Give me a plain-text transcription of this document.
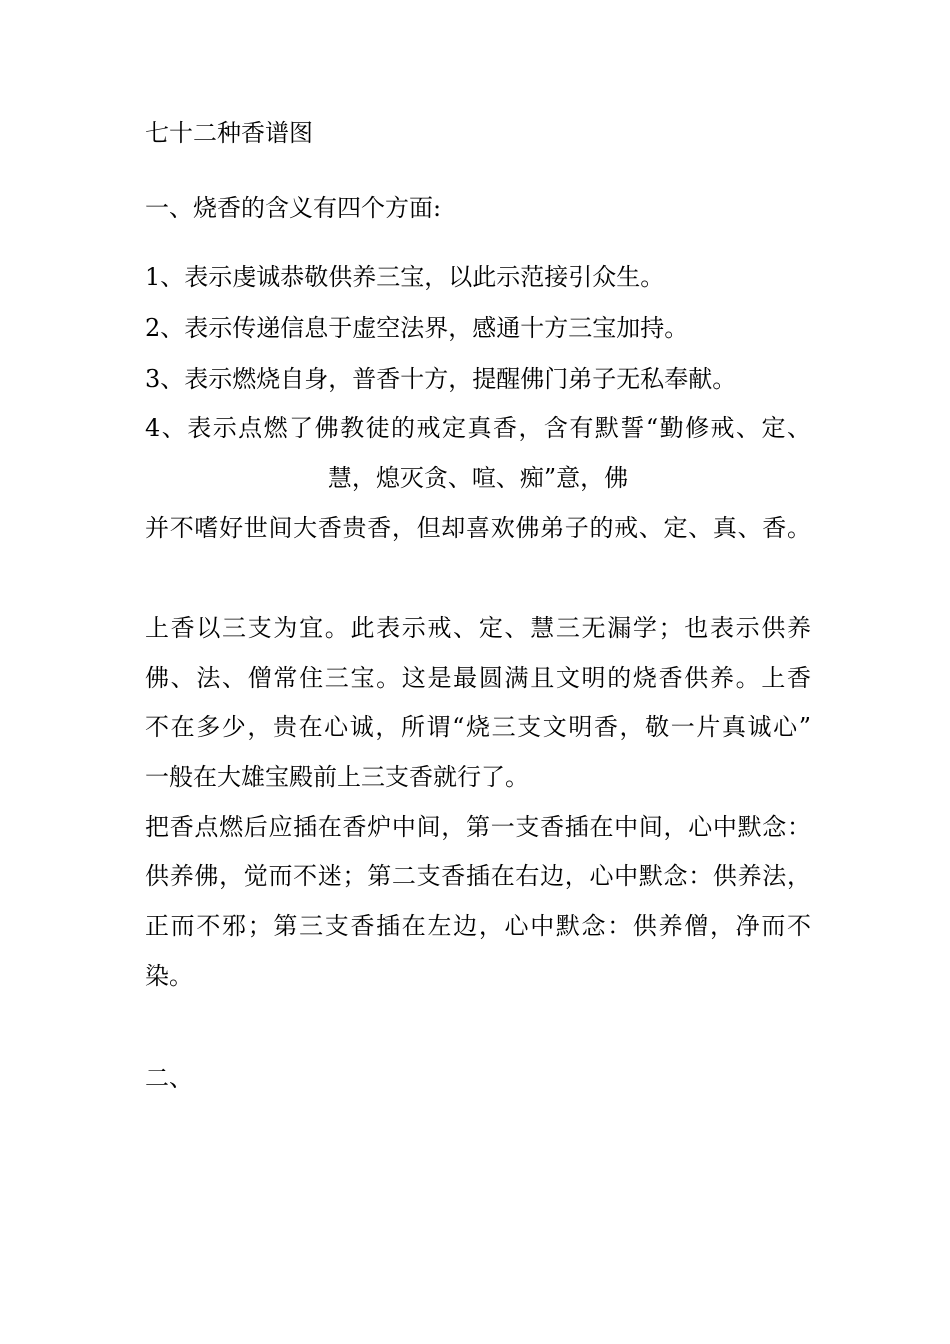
七十二种香谱图
一、烧香的含义有四个方面:
1、表示虔诚恭敬供养三宝，以此示范接引众生。
2、表示传递信息于虚空法界，感通十方三宝加持。
3、表示燃烧自身，普香十方，提醒佛门弟子无私奉献。
4、表示点燃了佛教徒的戒定真香，含有默誓“勤修戒、定、
慧，熄灭贪、喧、痴”意，佛
并不嗜好世间大香贵香，但却喜欢佛弟子的戒、定、真、香。
上香以三支为宜。此表示戒、定、慧三无漏学；也表示供养
佛、法、僧常住三宝。这是最圆满且文明的烧香供养。上香
不在多少，贵在心诚，所谓“烧三支文明香，敬一片真诚心”
一般在大雄宝殿前上三支香就行了。
把香点燃后应插在香炉中间，第一支香插在中间，心中默念：
供养佛，觉而不迷；第二支香插在右边，心中默念：供养法，
正而不邪；第三支香插在左边，心中默念：供养僧，净而不
染。
二、
